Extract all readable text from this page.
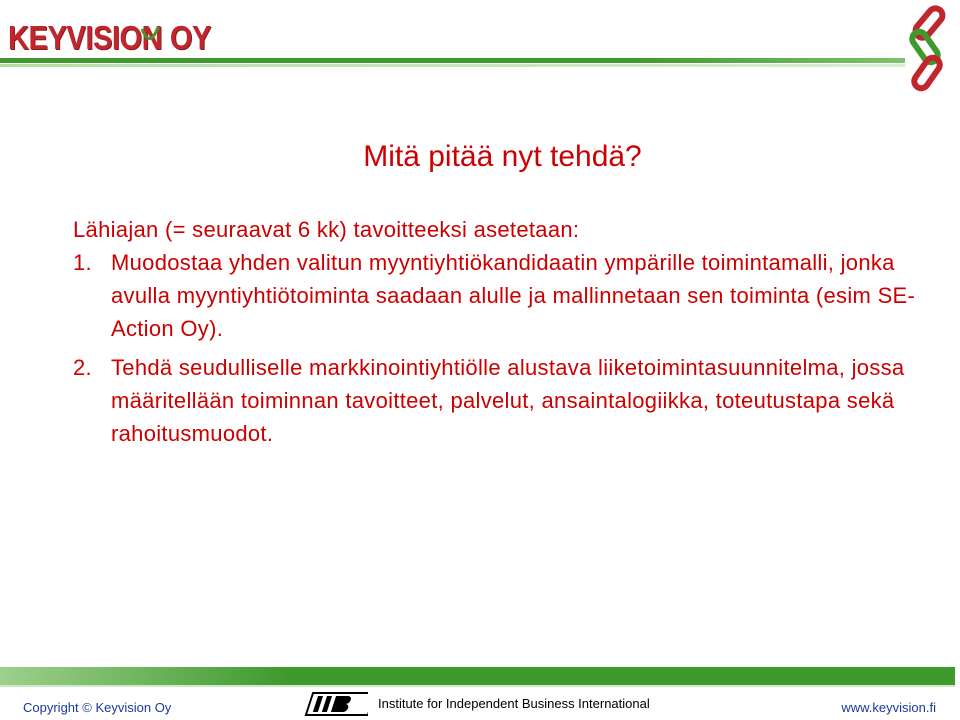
KEYVISION OY
Mitä pitää nyt tehdä?

Lähiajan (= seuraavat 6 kk) tavoitteeksi asetetaan:

1. Muodostaa yhden valitun myyntiyhtiökandidaatin ympärille toimintamalli, jonka avulla myyntiyhtiötoiminta saadaan alulle ja mallinnetaan sen toiminta (esim SE-Action Oy).
2. Tehdä seudulliselle markkinointiyhtiölle alustava liiketoimintasuunnitelma, jossa määritellään toiminnan tavoitteet, palvelut, ansaintalogiikka, toteutustapa sekä rahoitusmuodot.
Copyright © Keyvision Oy	Institute for Independent Business International	www.keyvision.fi
